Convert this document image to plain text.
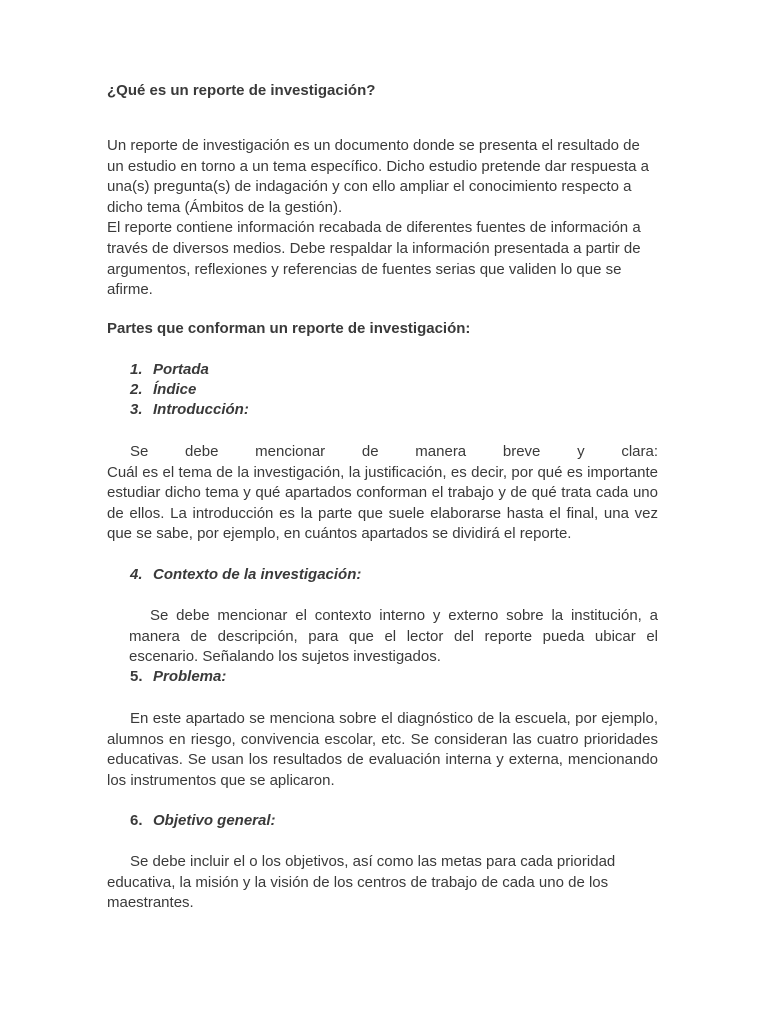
¿Qué es un reporte de investigación?
Un reporte de investigación es un documento donde se presenta el resultado de un estudio en torno a un tema específico. Dicho estudio pretende dar respuesta a una(s) pregunta(s) de indagación y con ello ampliar el conocimiento respecto a dicho tema (Ámbitos de la gestión).
El reporte contiene información recabada de diferentes fuentes de información a través de diversos medios. Debe respaldar la información presentada a partir de argumentos, reflexiones y referencias de fuentes serias que validen lo que se afirme.
Partes que conforman un reporte de investigación:
1. Portada
2. Índice
3. Introducción:
Se debe mencionar de manera breve y clara:
Cuál es el tema de la investigación, la justificación, es decir, por qué es importante estudiar dicho tema y qué apartados conforman el trabajo y de qué trata cada uno de ellos. La introducción es la parte que suele elaborarse hasta el final, una vez que se sabe, por ejemplo, en cuántos apartados se dividirá el reporte.
4. Contexto de la investigación:
Se debe mencionar el contexto interno y externo sobre la institución, a manera de descripción, para que el lector del reporte pueda ubicar el escenario. Señalando los sujetos investigados.
5. Problema:
En este apartado se menciona sobre el diagnóstico de la escuela, por ejemplo, alumnos en riesgo, convivencia escolar, etc. Se consideran las cuatro prioridades educativas. Se usan los resultados de evaluación interna y externa, mencionando los instrumentos que se aplicaron.
6. Objetivo general:
Se debe incluir el o los objetivos, así como las metas para cada prioridad educativa, la misión y la visión de los centros de trabajo de cada uno de los maestrantes.
